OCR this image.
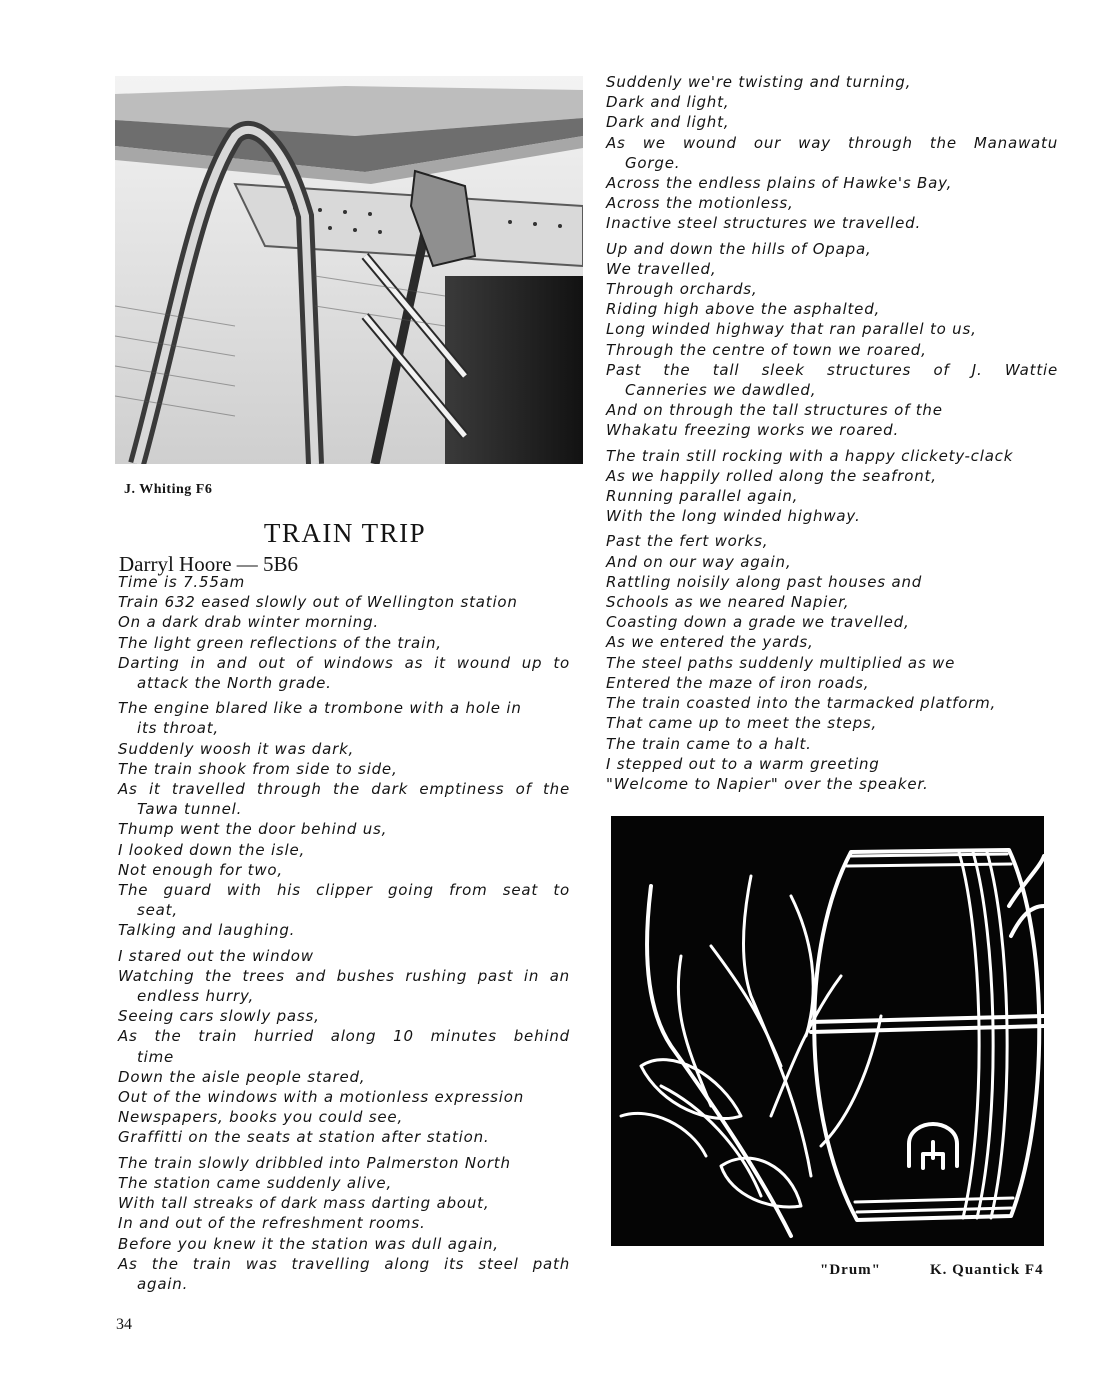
J. Whiting F6
TRAIN TRIP
Darryl Hoore — 5B6
Time is 7.55am
Train 632 eased slowly out of Wellington station
On a dark drab winter morning.
The light green reflections of the train,
Darting in and out of windows as it wound up to
attack the North grade.
The engine blared like a trombone with a hole in
its throat,
Suddenly woosh it was dark,
The train shook from side to side,
As it travelled through the dark emptiness of the
Tawa tunnel.
Thump went the door behind us,
I looked down the isle,
Not enough for two,
The guard with his clipper going from seat to
seat,
Talking and laughing.
I stared out the window
Watching the trees and bushes rushing past in an
endless hurry,
Seeing cars slowly pass,
As the train hurried along 10 minutes behind
time
Down the aisle people stared,
Out of the windows with a motionless expression
Newspapers, books you could see,
Graffitti on the seats at station after station.
The train slowly dribbled into Palmerston North
The station came suddenly alive,
With tall streaks of dark mass darting about,
In and out of the refreshment rooms.
Before you knew it the station was dull again,
As the train was travelling along its steel path
again.
Suddenly we're twisting and turning,
Dark and light,
Dark and light,
As we wound our way through the Manawatu
Gorge.
Across the endless plains of Hawke's Bay,
Across the motionless,
Inactive steel structures we travelled.
Up and down the hills of Opapa,
We travelled,
Through orchards,
Riding high above the asphalted,
Long winded highway that ran parallel to us,
Through the centre of town we roared,
Past the tall sleek structures of J. Wattie
Canneries we dawdled,
And on through the tall structures of the
Whakatu freezing works we roared.
The train still rocking with a happy clickety-clack
As we happily rolled along the seafront,
Running parallel again,
With the long winded highway.
Past the fert works,
And on our way again,
Rattling noisily along past houses and
Schools as we neared Napier,
Coasting down a grade we travelled,
As we entered the yards,
The steel paths suddenly multiplied as we
Entered the maze of iron roads,
The train coasted into the tarmacked platform,
That came up to meet the steps,
The train came to a halt.
I stepped out to a warm greeting
"Welcome to Napier" over the speaker.
"Drum"	K. Quantick F4
34
